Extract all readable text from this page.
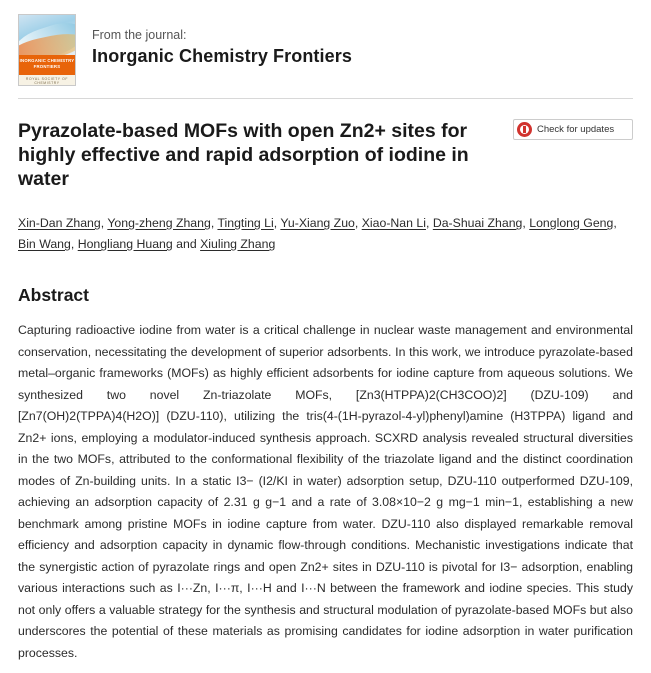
INORGANIC CHEMISTRY FRONTIERS
ROYAL SOCIETY OF CHEMISTRY
From the journal:
Inorganic Chemistry Frontiers
Pyrazolate-based MOFs with open Zn2+ sites for highly effective and rapid adsorption of iodine in water
Check for updates
Xin-Dan Zhang, Yong-zheng Zhang, Tingting Li, Yu-Xiang Zuo, Xiao-Nan Li, Da-Shuai Zhang, Longlong Geng, Bin Wang, Hongliang Huang and Xiuling Zhang
Abstract
Capturing radioactive iodine from water is a critical challenge in nuclear waste management and environmental conservation, necessitating the development of superior adsorbents. In this work, we introduce pyrazolate-based metal–organic frameworks (MOFs) as highly efficient adsorbents for iodine capture from aqueous solutions. We synthesized two novel Zn-triazolate MOFs, [Zn3(HTPPA)2(CH3COO)2] (DZU-109) and [Zn7(OH)2(TPPA)4(H2O)] (DZU-110), utilizing the tris(4-(1H-pyrazol-4-yl)phenyl)amine (H3TPPA) ligand and Zn2+ ions, employing a modulator-induced synthesis approach. SCXRD analysis revealed structural diversities in the two MOFs, attributed to the conformational flexibility of the triazolate ligand and the distinct coordination modes of Zn-building units. In a static I3− (I2/KI in water) adsorption setup, DZU-110 outperformed DZU-109, achieving an adsorption capacity of 2.31 g g−1 and a rate of 3.08×10−2 g mg−1 min−1, establishing a new benchmark among pristine MOFs in iodine capture from water. DZU-110 also displayed remarkable removal efficiency and adsorption capacity in dynamic flow-through conditions. Mechanistic investigations indicate that the synergistic action of pyrazolate rings and open Zn2+ sites in DZU-110 is pivotal for I3− adsorption, enabling various interactions such as I···Zn, I···π, I···H and I···N between the framework and iodine species. This study not only offers a valuable strategy for the synthesis and structural modulation of pyrazolate-based MOFs but also underscores the potential of these materials as promising candidates for iodine adsorption in water purification processes.
